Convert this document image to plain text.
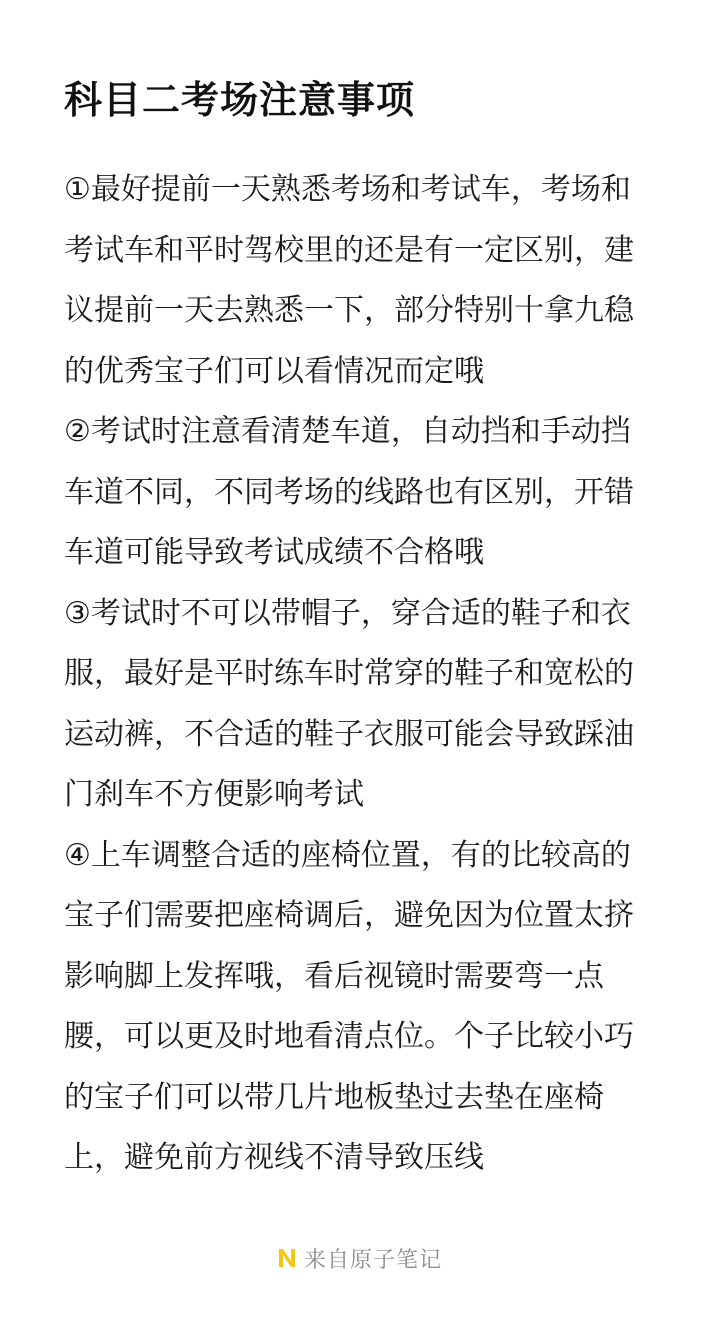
科目二考场注意事项
①最好提前一天熟悉考场和考试车，考场和
考试车和平时驾校里的还是有一定区别，建
议提前一天去熟悉一下，部分特别十拿九稳
的优秀宝子们可以看情况而定哦
②考试时注意看清楚车道，自动挡和手动挡
车道不同，不同考场的线路也有区别，开错
车道可能导致考试成绩不合格哦
③考试时不可以带帽子，穿合适的鞋子和衣
服，最好是平时练车时常穿的鞋子和宽松的
运动裤，不合适的鞋子衣服可能会导致踩油
门刹车不方便影响考试
④上车调整合适的座椅位置，有的比较高的
宝子们需要把座椅调后，避免因为位置太挤
影响脚上发挥哦，看后视镜时需要弯一点
腰，可以更及时地看清点位。个子比较小巧
的宝子们可以带几片地板垫过去垫在座椅
上，避免前方视线不清导致压线
来自原子笔记
